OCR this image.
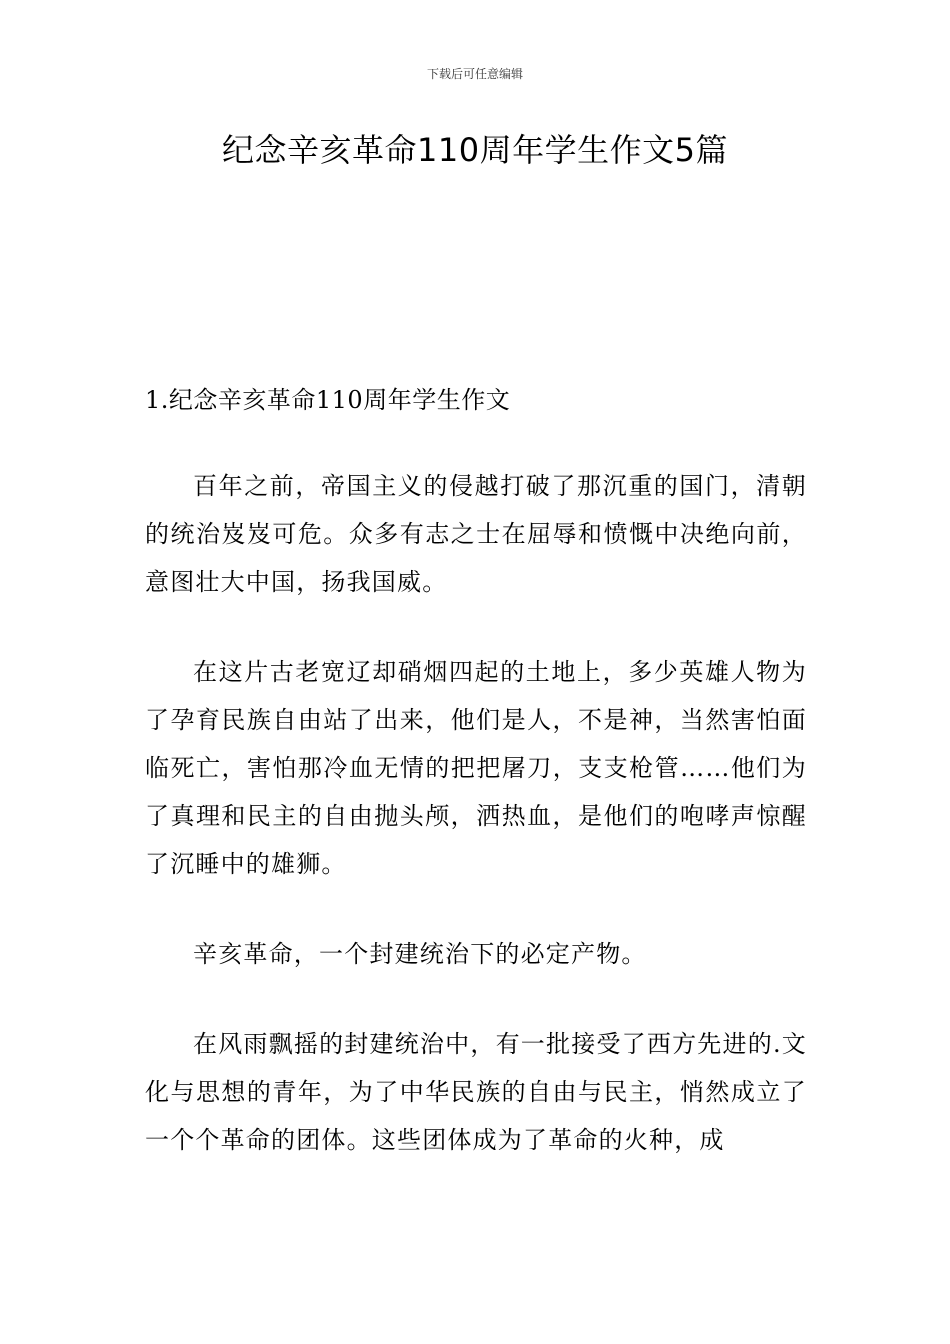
下载后可任意编辑
纪念辛亥革命110周年学生作文5篇

1.纪念辛亥革命110周年学生作文

百年之前，帝国主义的侵越打破了那沉重的国门，清朝的统治岌岌可危。众多有志之士在屈辱和愤慨中决绝向前，意图壮大中国，扬我国威。

在这片古老宽辽却硝烟四起的土地上，多少英雄人物为了孕育民族自由站了出来，他们是人，不是神，当然害怕面临死亡，害怕那冷血无情的把把屠刀，支支枪管……他们为了真理和民主的自由抛头颅，洒热血，是他们的咆哮声惊醒了沉睡中的雄狮。

辛亥革命，一个封建统治下的必定产物。

在风雨飘摇的封建统治中，有一批接受了西方先进的.文化与思想的青年，为了中华民族的自由与民主，悄然成立了一个个革命的团体。这些团体成为了革命的火种，成
